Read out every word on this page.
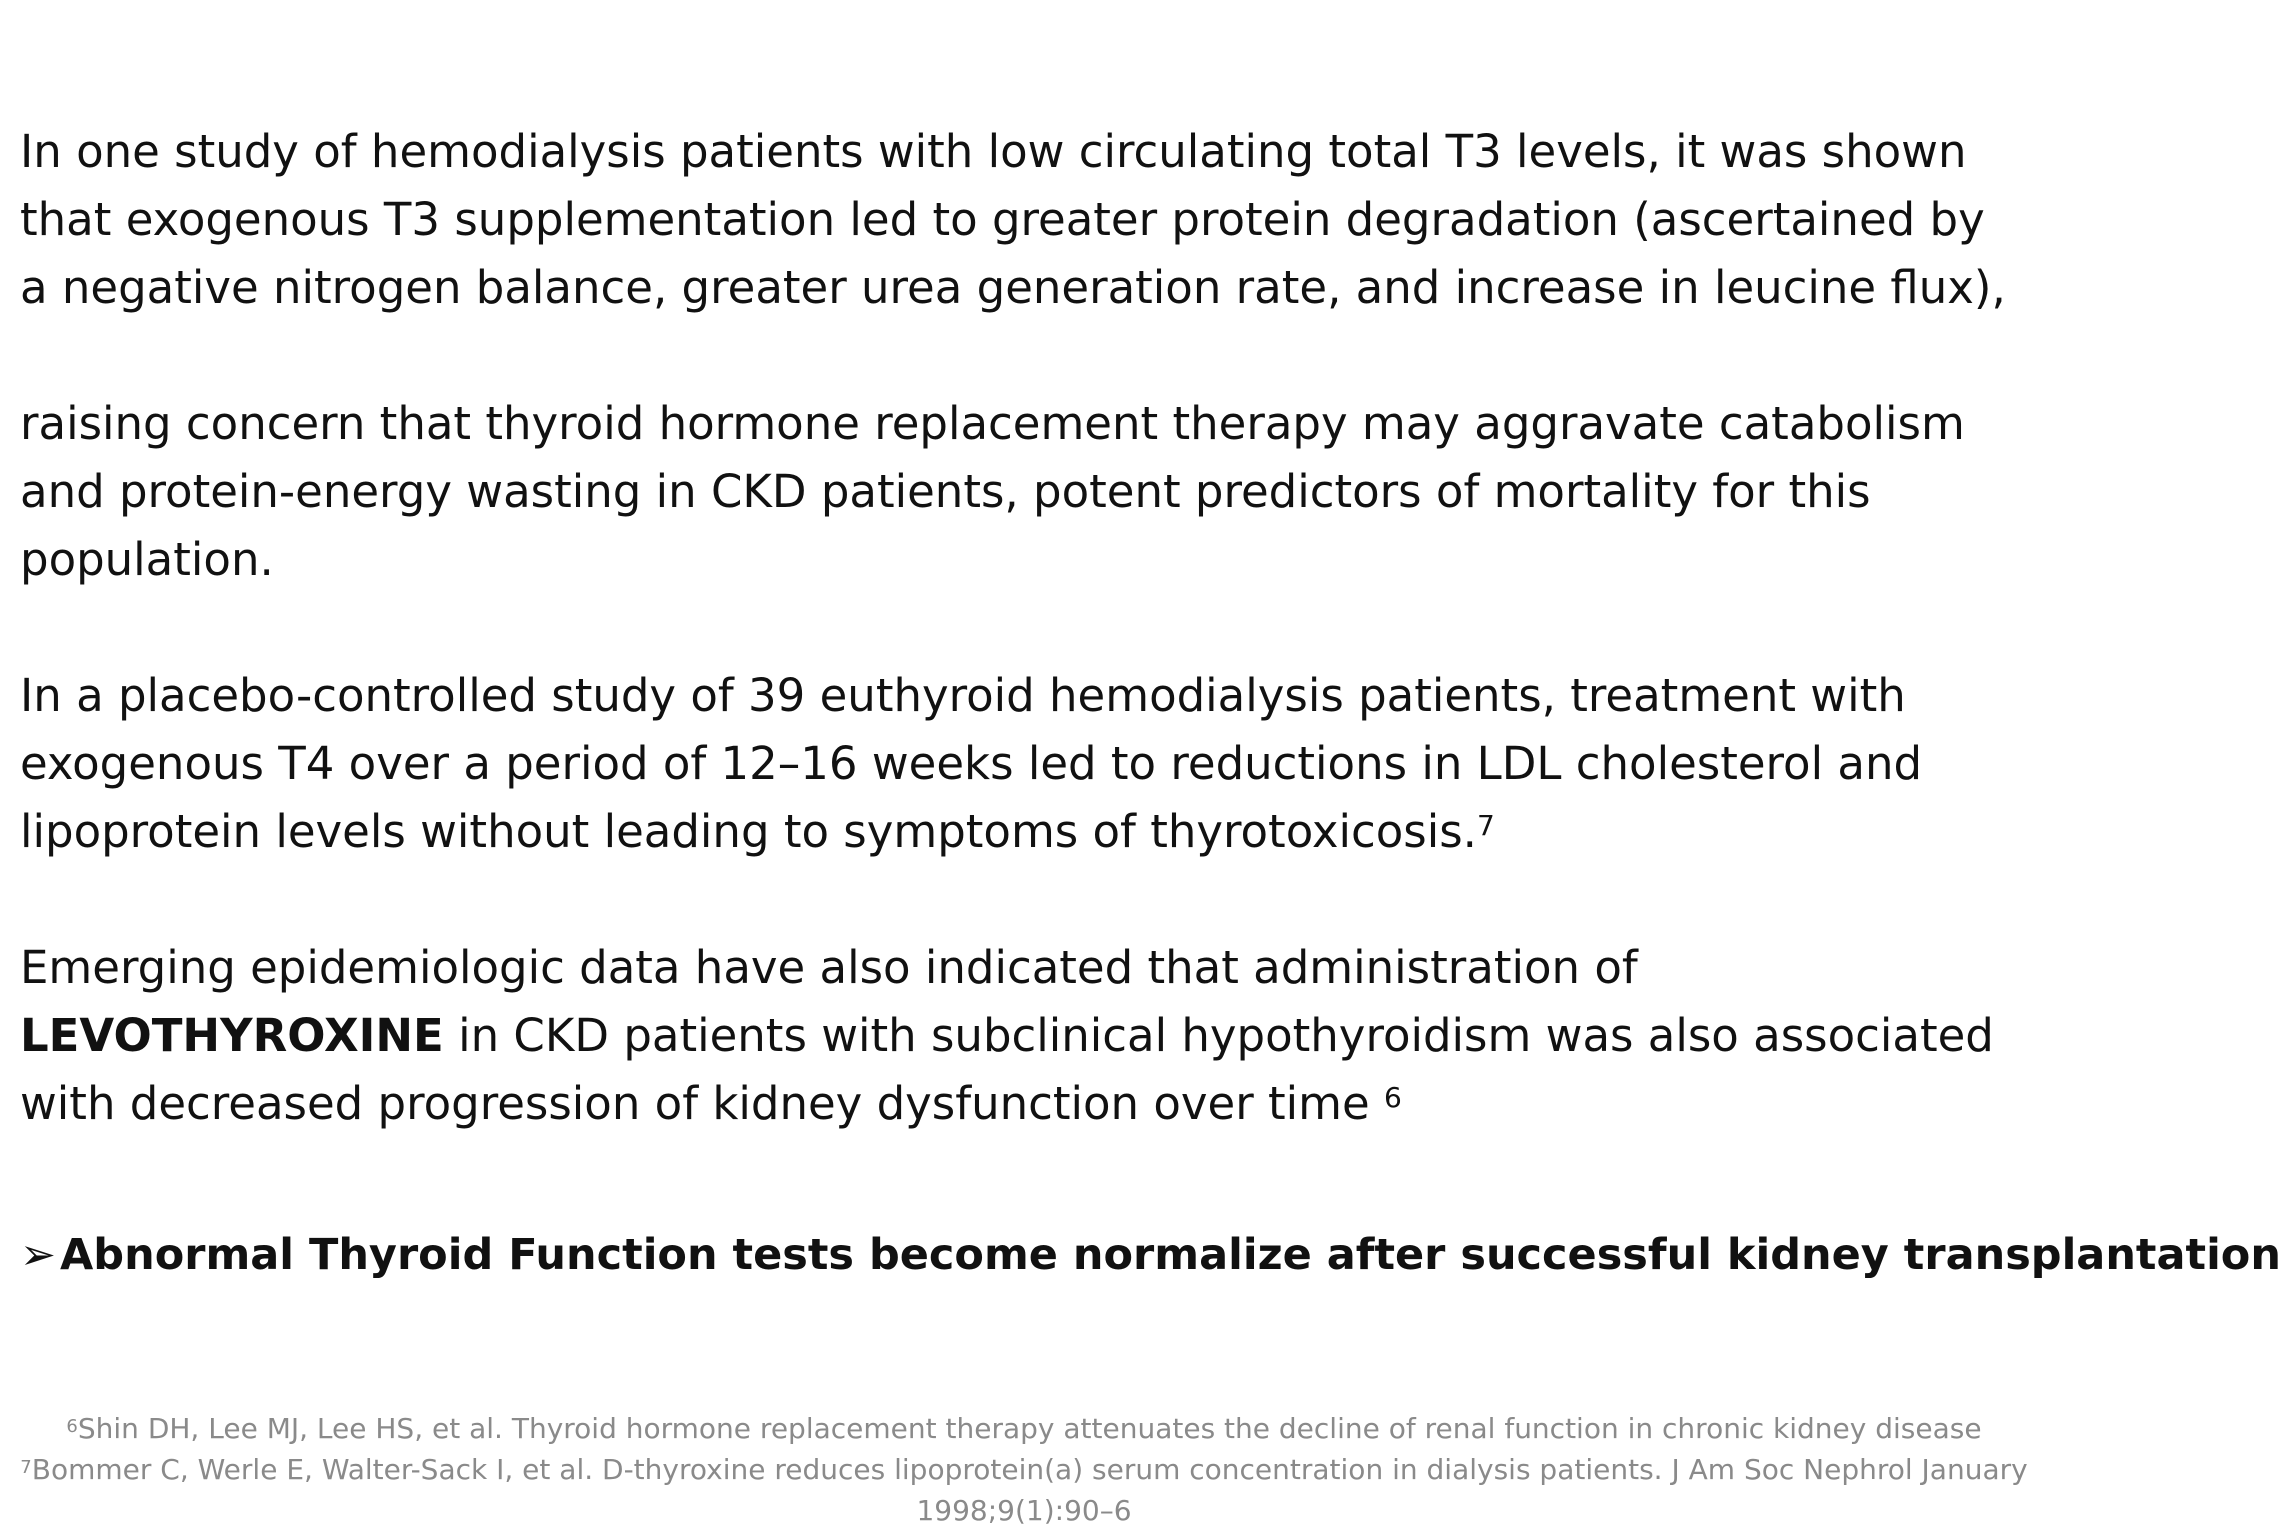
In one study of hemodialysis patients with low circulating total T3 levels, it was shown
that exogenous T3 supplementation led to greater protein degradation (ascertained by
a negative nitrogen balance, greater urea generation rate, and increase in leucine flux),

raising concern that thyroid hormone replacement therapy may aggravate catabolism
and protein-energy wasting in CKD patients, potent predictors of mortality for this
population.

In a placebo-controlled study of 39 euthyroid hemodialysis patients, treatment with
exogenous T4 over a period of 12–16 weeks led to reductions in LDL cholesterol and
lipoprotein levels without leading to symptoms of thyrotoxicosis.$^7$

Emerging epidemiologic data have also indicated that administration of
LEVOTHYROXINE in CKD patients with subclinical hypothyroidism was also associated
with decreased progression of kidney dysfunction over time $^6$

➢Abnormal Thyroid Function tests become normalize after successful kidney transplantation
$^6$Shin DH, Lee MJ, Lee HS, et al. Thyroid hormone replacement therapy attenuates the decline of renal function in chronic kidney disease
$^7$Bommer C, Werle E, Walter-Sack I, et al. D-thyroxine reduces lipoprotein(a) serum concentration in dialysis patients. J Am Soc Nephrol January
1998;9(1):90–6
